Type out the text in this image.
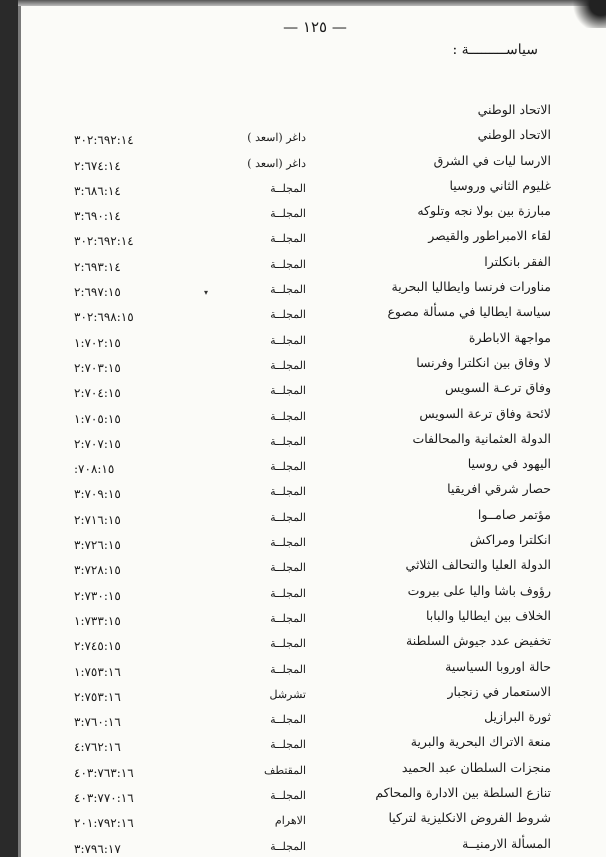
— ١٢٥ —
سياســـــــــة :
▾
الاتحاد الوطني
الاتحاد الوطني
داغر (اسعد )
٣٠٢:٦٩٢:١٤
الارسا ليات في الشرق
داغر (اسعد )
٢:٦٧٤:١٤
غليوم الثاني وروسيا
المجلــة
٣:٦٨٦:١٤
مبارزة بين بولا نجه وتلوكه
المجلــة
٣:٦٩٠:١٤
لقاء الامبراطور والقيصر
المجلــة
٣٠٢:٦٩٢:١٤
الفقر بانكلترا
المجلــة
٢:٦٩٣:١٤
مناورات فرنسا وايطاليا البحرية
المجلــة
٢:٦٩٧:١٥
سياسة ايطاليا في مسألة مصوع
المجلــة
٣٠٢:٦٩٨:١٥
مواجهة الاباطرة
المجلــة
١:٧٠٢:١٥
لا وفاق بين انكلترا وفرنسا
المجلــة
٢:٧٠٣:١٥
وفاق ترعـة السويس
المجلــة
٢:٧٠٤:١٥
لائحة وفاق ترعة السويس
المجلــة
١:٧٠٥:١٥
الدولة العثمانية والمحالفات
المجلــة
٢:٧٠٧:١٥
اليهود في روسيا
المجلــة
:٧٠٨:١٥
حصار شرقي افريقيا
المجلــة
٣:٧٠٩:١٥
مؤتمر صامــوا
المجلــة
٢:٧١٦:١٥
انكلترا ومراكش
المجلــة
٣:٧٢٦:١٥
الدولة العليا والتحالف الثلاثي
المجلــة
٣:٧٢٨:١٥
رؤوف باشا واليا على بيروت
المجلــة
٢:٧٣٠:١٥
الخلاف بين ايطاليا والبابا
المجلــة
١:٧٣٣:١٥
تخفيض عدد جيوش السلطنة
المجلــة
٢:٧٤٥:١٥
حالة اوروبا السياسية
المجلــة
١:٧٥٣:١٦
الاستعمار في زنجبار
تشرشل
٢:٧٥٣:١٦
ثورة البرازيل
المجلــة
٣:٧٦٠:١٦
منعة الاتراك البحرية والبرية
المجلــة
٤:٧٦٢:١٦
منجزات السلطان عبد الحميد
المقتطف
٤٠٣:٧٦٣:١٦
تنازع السلطة بين الادارة والمحاكم
المجلــة
٤٠٣:٧٧٠:١٦
شروط الفروض الانكليزية لتركيا
الاهرام
٢٠١:٧٩٢:١٦
المسألة الارمنيــة
المجلــة
٣:٧٩٦:١٧
